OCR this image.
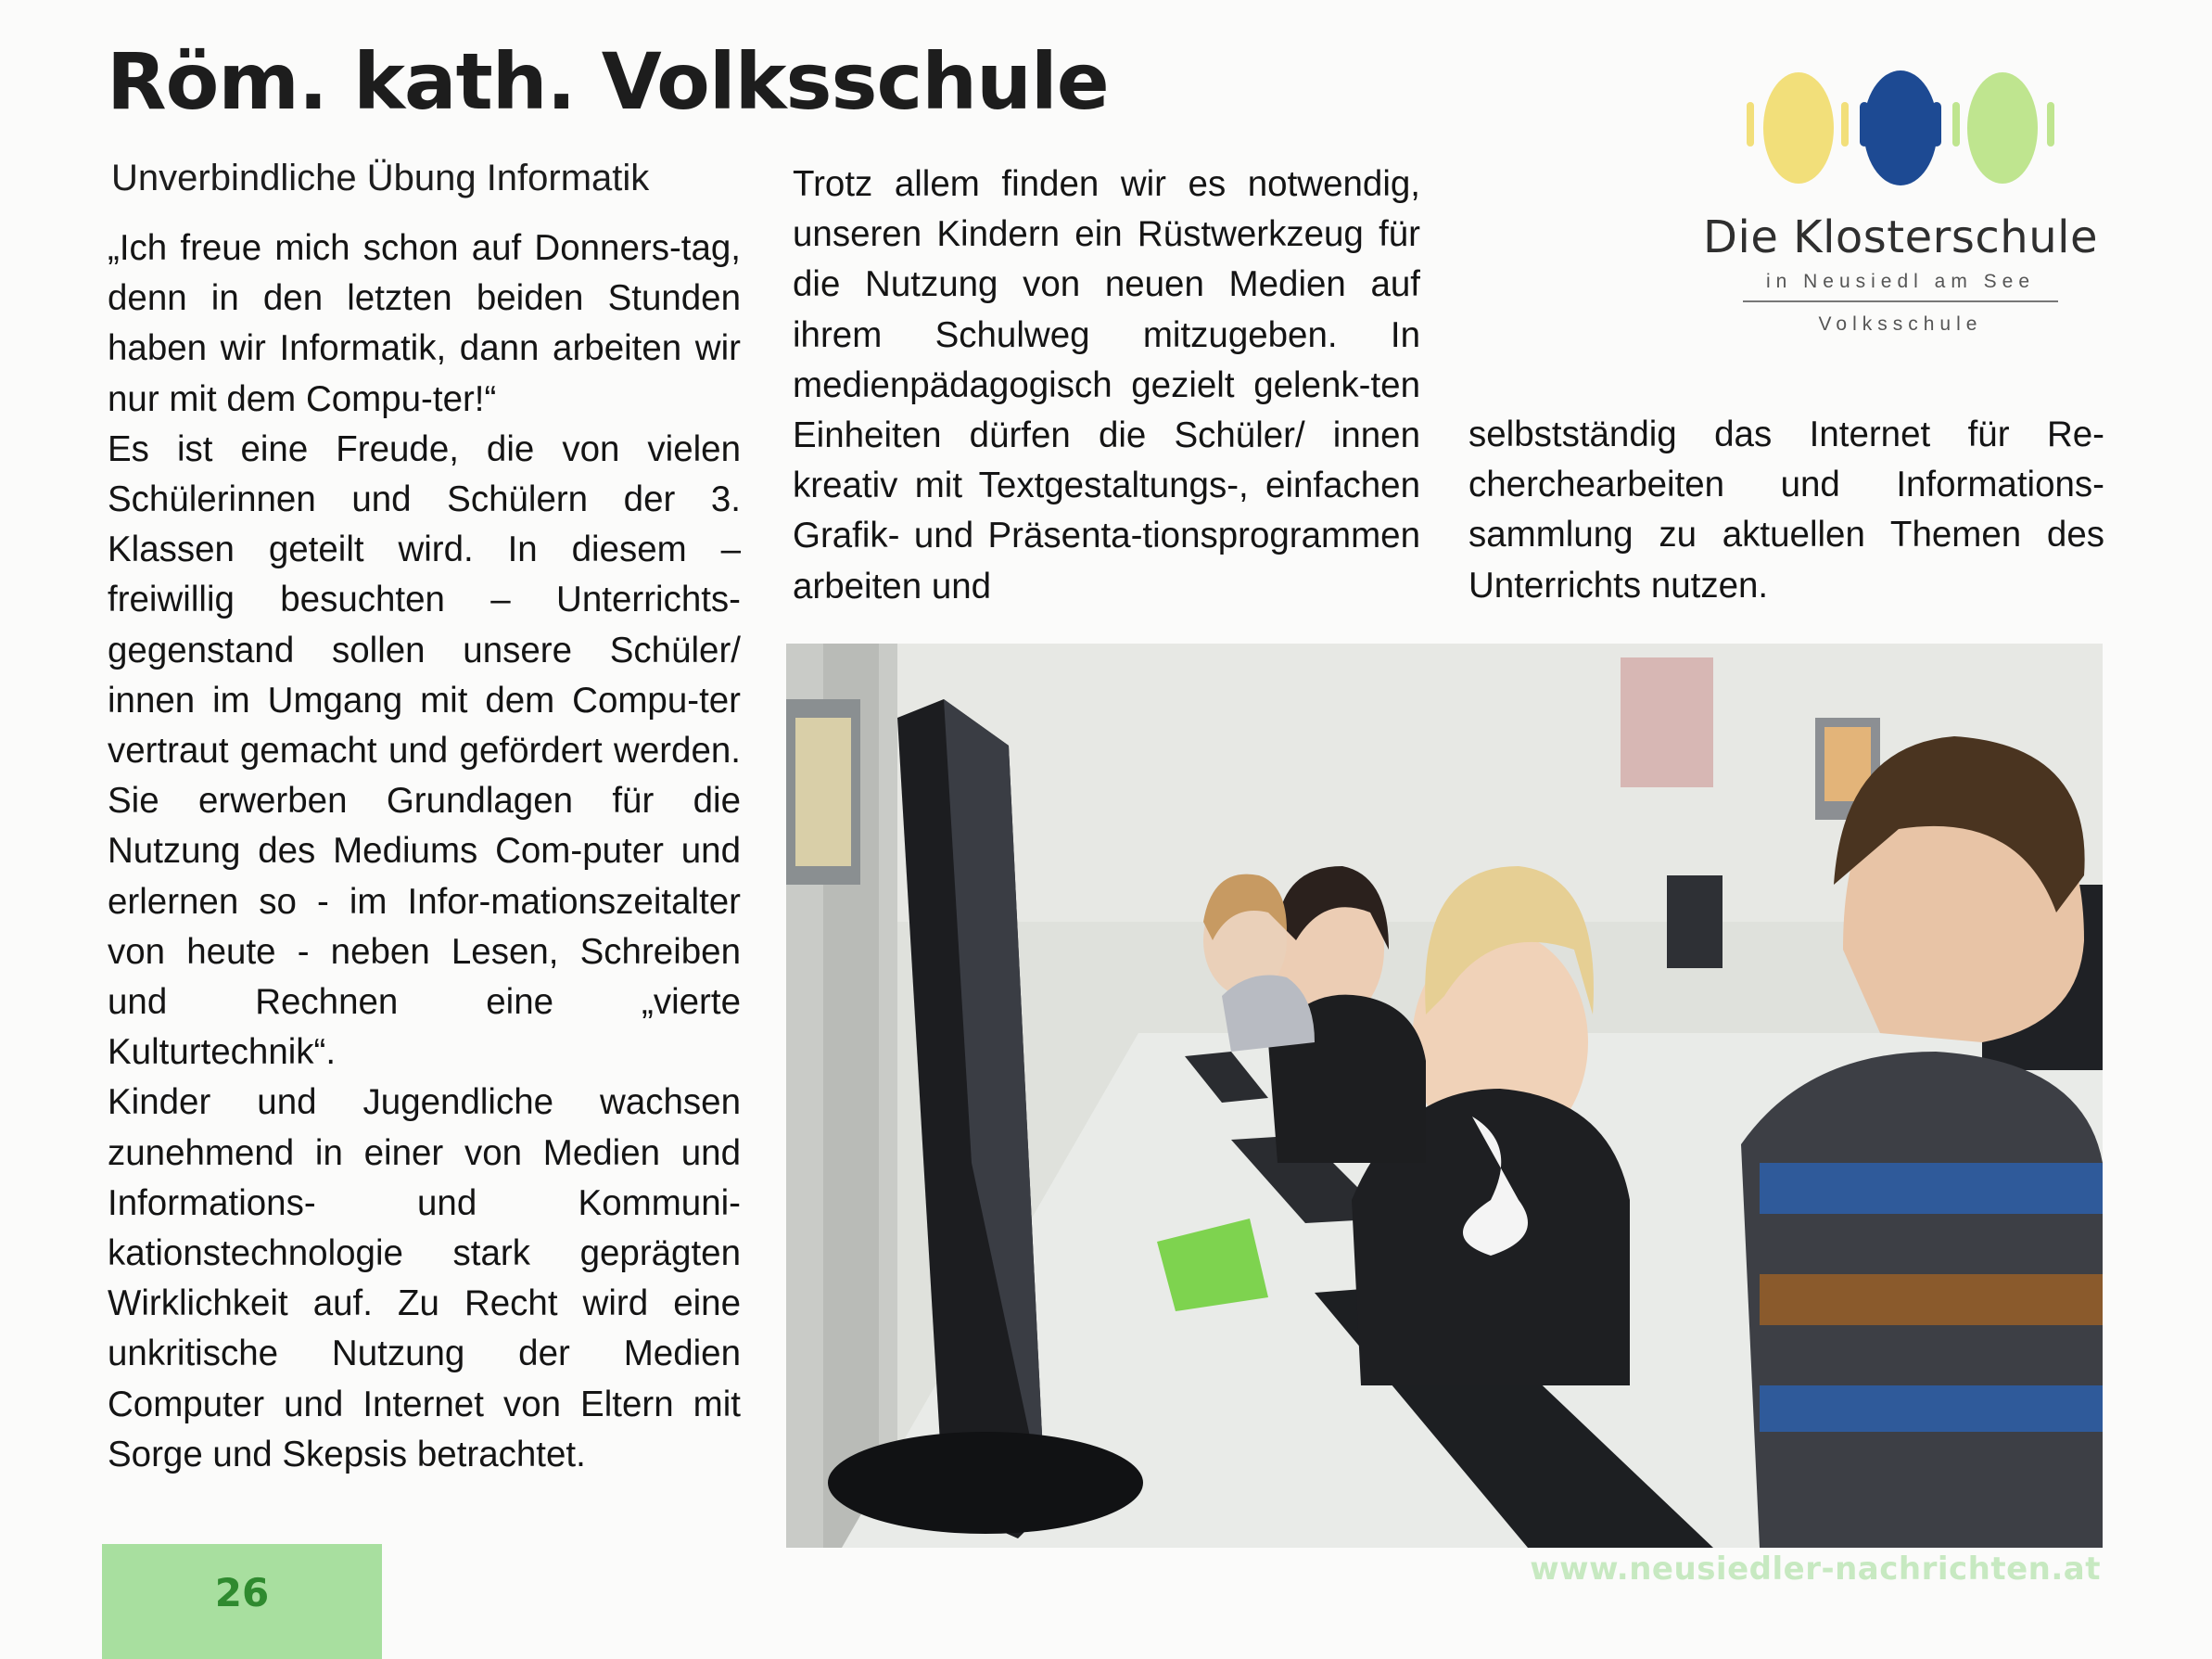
Röm. kath. Volksschule
Unverbindliche Übung Informatik

„Ich freue mich schon auf Donners-tag, denn in den letzten beiden Stunden haben wir Informatik, dann arbeiten wir nur mit dem Compu-ter!“

Es ist eine Freude, die von vielen Schülerinnen und Schülern der 3. Klassen geteilt wird. In diesem – freiwillig besuchten – Unterrichts-gegenstand sollen unsere Schüler/ innen im Umgang mit dem Compu-ter vertraut gemacht und gefördert werden. Sie erwerben Grundlagen für die Nutzung des Mediums Com-puter und erlernen so - im Infor-mationszeitalter von heute - neben Lesen, Schreiben und Rechnen eine „vierte Kulturtechnik“.

Kinder und Jugendliche wachsen zunehmend in einer von Medien und Informations- und Kommuni-kationstechnologie stark geprägten Wirklichkeit auf. Zu Recht wird eine unkritische Nutzung der Medien Computer und Internet von Eltern mit Sorge und Skepsis betrachtet.

Trotz allem finden wir es notwendig, unseren Kindern ein Rüstwerkzeug für die Nutzung von neuen Medien auf ihrem Schulweg mitzugeben. In medienpädagogisch gezielt gelenk-ten Einheiten dürfen die Schüler/ innen kreativ mit Textgestaltungs-, einfachen Grafik- und Präsenta-tionsprogrammen arbeiten und

selbstständig das Internet für Re-cherchearbeiten und Informations-sammlung zu aktuellen Themen des Unterrichts nutzen.

Die Klosterschule
in Neusiedl am See
Volksschule
26
www.neusiedler-nachrichten.at
